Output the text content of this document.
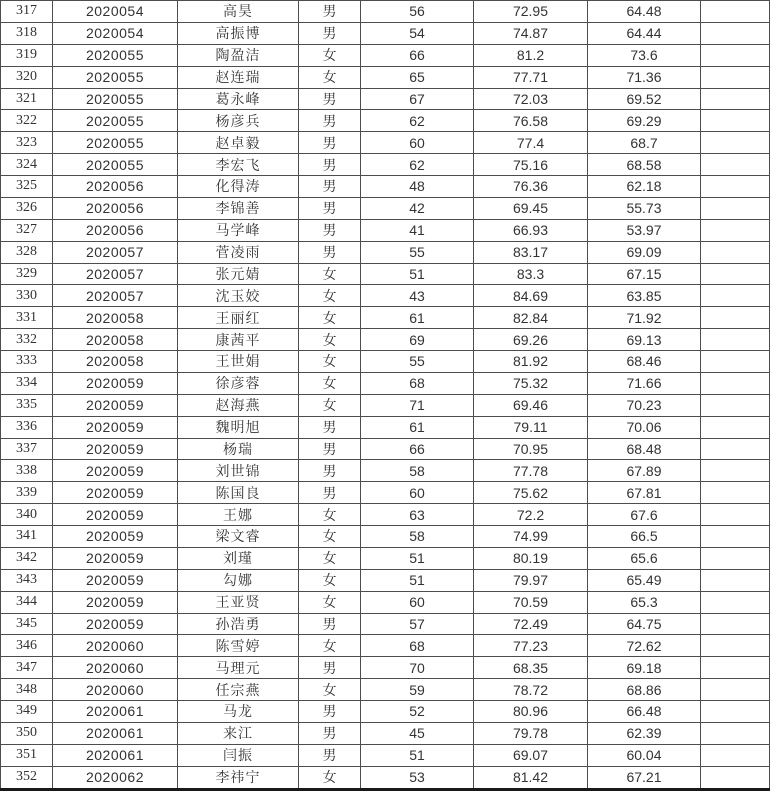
317	2020054	高昊	男	56	72.95	64.48	
318	2020054	高振博	男	54	74.87	64.44	
319	2020055	陶盈洁	女	66	81.2	73.6	
320	2020055	赵连瑞	女	65	77.71	71.36	
321	2020055	葛永峰	男	67	72.03	69.52	
322	2020055	杨彦兵	男	62	76.58	69.29	
323	2020055	赵卓毅	男	60	77.4	68.7	
324	2020055	李宏飞	男	62	75.16	68.58	
325	2020056	化得涛	男	48	76.36	62.18	
326	2020056	李锦善	男	42	69.45	55.73	
327	2020056	马学峰	男	41	66.93	53.97	
328	2020057	菅凌雨	男	55	83.17	69.09	
329	2020057	张元婧	女	51	83.3	67.15	
330	2020057	沈玉姣	女	43	84.69	63.85	
331	2020058	王丽红	女	61	82.84	71.92	
332	2020058	康茜平	女	69	69.26	69.13	
333	2020058	王世娟	女	55	81.92	68.46	
334	2020059	徐彦蓉	女	68	75.32	71.66	
335	2020059	赵海燕	女	71	69.46	70.23	
336	2020059	魏明旭	男	61	79.11	70.06	
337	2020059	杨瑞	男	66	70.95	68.48	
338	2020059	刘世锦	男	58	77.78	67.89	
339	2020059	陈国良	男	60	75.62	67.81	
340	2020059	王娜	女	63	72.2	67.6	
341	2020059	梁文睿	女	58	74.99	66.5	
342	2020059	刘瑾	女	51	80.19	65.6	
343	2020059	勾娜	女	51	79.97	65.49	
344	2020059	王亚贤	女	60	70.59	65.3	
345	2020059	孙浩勇	男	57	72.49	64.75	
346	2020060	陈雪婷	女	68	77.23	72.62	
347	2020060	马理元	男	70	68.35	69.18	
348	2020060	任宗燕	女	59	78.72	68.86	
349	2020061	马龙	男	52	80.96	66.48	
350	2020061	来江	男	45	79.78	62.39	
351	2020061	闫振	男	51	69.07	60.04	
352	2020062	李祎宁	女	53	81.42	67.21	
